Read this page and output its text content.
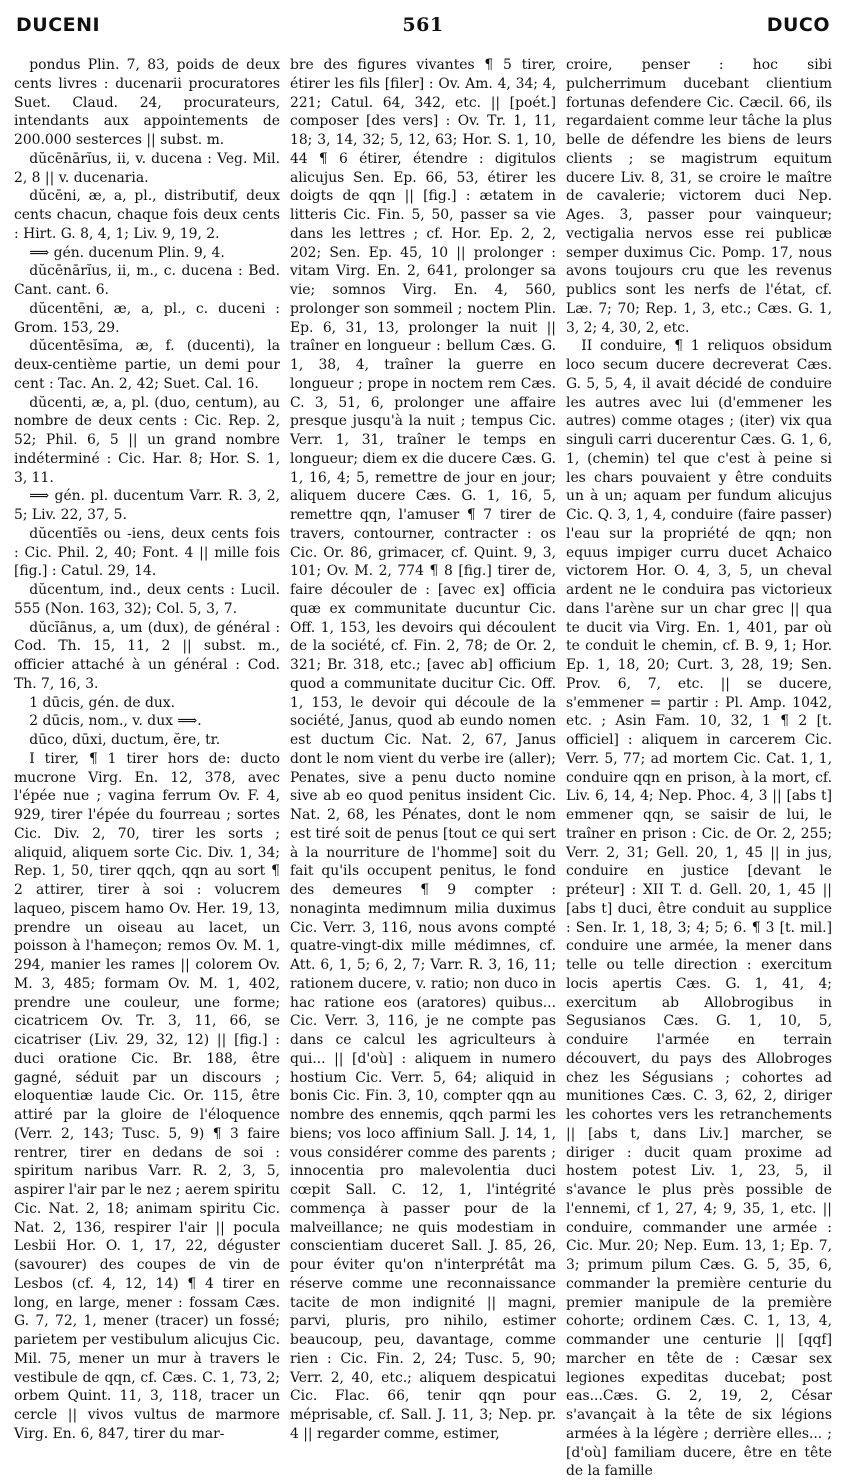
DUCENI	561	DUCO

pondus Plin. 7, 83, poids de deux cents livres : ducenarii procuratores Suet. Claud. 24, procurateurs, intendants aux appointements de 200.000 sesterces || subst. m.

dŭcēnārĭus, ii, v. ducena : Veg. Mil. 2, 8 || v. ducenaria.

dŭcēni, æ, a, pl., distributif, deux cents chacun, chaque fois deux cents : Hirt. G. 8, 4, 1; Liv. 9, 19, 2.

⟹ gén. ducenum Plin. 9, 4.

dŭcēnārĭus, ii, m., c. ducena : Bed. Cant. cant. 6.

dŭcentēni, æ, a, pl., c. duceni : Grom. 153, 29.

dŭcentēsĭma, æ, f. (ducenti), la deux-centième partie, un demi pour cent : Tac. An. 2, 42; Suet. Cal. 16.

dŭcenti, æ, a, pl. (duo, centum), au nombre de deux cents : Cic. Rep. 2, 52; Phil. 6, 5 || un grand nombre indéterminé : Cic. Har. 8; Hor. S. 1, 3, 11.

⟹ gén. pl. ducentum Varr. R. 3, 2, 5; Liv. 22, 37, 5.

dŭcentĭēs ou -iens, deux cents fois : Cic. Phil. 2, 40; Font. 4 || mille fois [fig.] : Catul. 29, 14.

dŭcentum, ind., deux cents : Lucil. 555 (Non. 163, 32); Col. 5, 3, 7.

dŭcĭānus, a, um (dux), de général : Cod. Th. 15, 11, 2 || subst. m., officier attaché à un général : Cod. Th. 7, 16, 3.

1 dūcis, gén. de dux.

2 dūcis, nom., v. dux ⟹.

dūco, dūxi, ductum, ĕre, tr.

I tirer, ¶ 1 tirer hors de: ducto mucrone Virg. En. 12, 378, avec l'épée nue ; vagina ferrum Ov. F. 4, 929, tirer l'épée du fourreau ; sortes Cic. Div. 2, 70, tirer les sorts ; aliquid, aliquem sorte Cic. Div. 1, 34; Rep. 1, 50, tirer qqch, qqn au sort ¶ 2 attirer, tirer à soi : volucrem laqueo, piscem hamo Ov. Her. 19, 13, prendre un oiseau au lacet, un poisson à l'hameçon; remos Ov. M. 1, 294, manier les rames || colorem Ov. M. 3, 485; formam Ov. M. 1, 402, prendre une couleur, une forme; cicatricem Ov. Tr. 3, 11, 66, se cicatriser (Liv. 29, 32, 12) || [fig.] : duci oratione Cic. Br. 188, être gagné, séduit par un discours ; eloquentiæ laude Cic. Or. 115, être attiré par la gloire de l'éloquence (Verr. 2, 143; Tusc. 5, 9) ¶ 3 faire rentrer, tirer en dedans de soi : spiritum naribus Varr. R. 2, 3, 5, aspirer l'air par le nez ; aerem spiritu Cic. Nat. 2, 18; animam spiritu Cic. Nat. 2, 136, respirer l'air || pocula Lesbii Hor. O. 1, 17, 22, déguster (savourer) des coupes de vin de Lesbos (cf. 4, 12, 14) ¶ 4 tirer en long, en large, mener : fossam Cæs. G. 7, 72, 1, mener (tracer) un fossé; parietem per vestibulum alicujus Cic. Mil. 75, mener un mur à travers le vestibule de qqn, cf. Cæs. C. 1, 73, 2; orbem Quint. 11, 3, 118, tracer un cercle || vivos vultus de marmore Virg. En. 6, 847, tirer du mar-

bre des figures vivantes ¶ 5 tirer, étirer les fils [filer] : Ov. Am. 4, 34; 4, 221; Catul. 64, 342, etc. || [poét.] composer [des vers] : Ov. Tr. 1, 11, 18; 3, 14, 32; 5, 12, 63; Hor. S. 1, 10, 44 ¶ 6 étirer, étendre : digitulos alicujus Sen. Ep. 66, 53, étirer les doigts de qqn || [fig.] : ætatem in litteris Cic. Fin. 5, 50, passer sa vie dans les lettres ; cf. Hor. Ep. 2, 2, 202; Sen. Ep. 45, 10 || prolonger : vitam Virg. En. 2, 641, prolonger sa vie; somnos Virg. En. 4, 560, prolonger son sommeil ; noctem Plin. Ep. 6, 31, 13, prolonger la nuit || traîner en longueur : bellum Cæs. G. 1, 38, 4, traîner la guerre en longueur ; prope in noctem rem Cæs. C. 3, 51, 6, prolonger une affaire presque jusqu'à la nuit ; tempus Cic. Verr. 1, 31, traîner le temps en longueur; diem ex die ducere Cæs. G. 1, 16, 4; 5, remettre de jour en jour; aliquem ducere Cæs. G. 1, 16, 5, remettre qqn, l'amuser ¶ 7 tirer de travers, contourner, contracter : os Cic. Or. 86, grimacer, cf. Quint. 9, 3, 101; Ov. M. 2, 774 ¶ 8 [fig.] tirer de, faire découler de : [avec ex] officia quæ ex communitate ducuntur Cic. Off. 1, 153, les devoirs qui découlent de la société, cf. Fin. 2, 78; de Or. 2, 321; Br. 318, etc.; [avec ab] officium quod a communitate ducitur Cic. Off. 1, 153, le devoir qui découle de la société, Janus, quod ab eundo nomen est ductum Cic. Nat. 2, 67, Janus dont le nom vient du verbe ire (aller); Penates, sive a penu ducto nomine sive ab eo quod penitus insident Cic. Nat. 2, 68, les Pénates, dont le nom est tiré soit de penus [tout ce qui sert à la nourriture de l'homme] soit du fait qu'ils occupent penitus, le fond des demeures ¶ 9 compter : nonaginta medimnum milia duximus Cic. Verr. 3, 116, nous avons compté quatre-vingt-dix mille médimnes, cf. Att. 6, 1, 5; 6, 2, 7; Varr. R. 3, 16, 11; rationem ducere, v. ratio; non duco in hac ratione eos (aratores) quibus... Cic. Verr. 3, 116, je ne compte pas dans ce calcul les agriculteurs à qui... || [d'où] : aliquem in numero hostium Cic. Verr. 5, 64; aliquid in bonis Cic. Fin. 3, 10, compter qqn au nombre des ennemis, qqch parmi les biens; vos loco affinium Sall. J. 14, 1, vous considérer comme des parents ; innocentia pro malevolentia duci cœpit Sall. C. 12, 1, l'intégrité commença à passer pour de la malveillance; ne quis modestiam in conscientiam duceret Sall. J. 85, 26, pour éviter qu'on n'interprétât ma réserve comme une reconnaissance tacite de mon indignité || magni, parvi, pluris, pro nihilo, estimer beaucoup, peu, davantage, comme rien : Cic. Fin. 2, 24; Tusc. 5, 90; Verr. 2, 40, etc.; aliquem despicatui Cic. Flac. 66, tenir qqn pour méprisable, cf. Sall. J. 11, 3; Nep. pr. 4 || regarder comme, estimer,

croire, penser : hoc sibi pulcherrimum ducebant clientium fortunas defendere Cic. Cæcil. 66, ils regardaient comme leur tâche la plus belle de défendre les biens de leurs clients ; se magistrum equitum ducere Liv. 8, 31, se croire le maître de cavalerie; victorem duci Nep. Ages. 3, passer pour vainqueur; vectigalia nervos esse rei publicæ semper duximus Cic. Pomp. 17, nous avons toujours cru que les revenus publics sont les nerfs de l'état, cf. Læ. 7; 70; Rep. 1, 3, etc.; Cæs. G. 1, 3, 2; 4, 30, 2, etc.

II conduire, ¶ 1 reliquos obsidum loco secum ducere decreverat Cæs. G. 5, 5, 4, il avait décidé de conduire les autres avec lui (d'emmener les autres) comme otages ; (iter) vix qua singuli carri ducerentur Cæs. G. 1, 6, 1, (chemin) tel que c'est à peine si les chars pouvaient y être conduits un à un; aquam per fundum alicujus Cic. Q. 3, 1, 4, conduire (faire passer) l'eau sur la propriété de qqn; non equus impiger curru ducet Achaico victorem Hor. O. 4, 3, 5, un cheval ardent ne le conduira pas victorieux dans l'arène sur un char grec || qua te ducit via Virg. En. 1, 401, par où te conduit le chemin, cf. B. 9, 1; Hor. Ep. 1, 18, 20; Curt. 3, 28, 19; Sen. Prov. 6, 7, etc. || se ducere, s'emmener = partir : Pl. Amp. 1042, etc. ; Asin Fam. 10, 32, 1 ¶ 2 [t. officiel] : aliquem in carcerem Cic. Verr. 5, 77; ad mortem Cic. Cat. 1, 1, conduire qqn en prison, à la mort, cf. Liv. 6, 14, 4; Nep. Phoc. 4, 3 || [abs t] emmener qqn, se saisir de lui, le traîner en prison : Cic. de Or. 2, 255; Verr. 2, 31; Gell. 20, 1, 45 || in jus, conduire en justice [devant le préteur] : XII T. d. Gell. 20, 1, 45 || [abs t] duci, être conduit au supplice : Sen. Ir. 1, 18, 3; 4; 5; 6. ¶ 3 [t. mil.] conduire une armée, la mener dans telle ou telle direction : exercitum locis apertis Cæs. G. 1, 41, 4; exercitum ab Allobrogibus in Segusianos Cæs. G. 1, 10, 5, conduire l'armée en terrain découvert, du pays des Allobroges chez les Ségusians ; cohortes ad munitiones Cæs. C. 3, 62, 2, diriger les cohortes vers les retranchements || [abs t, dans Liv.] marcher, se diriger : ducit quam proxime ad hostem potest Liv. 1, 23, 5, il s'avance le plus près possible de l'ennemi, cf 1, 27, 4; 9, 35, 1, etc. || conduire, commander une armée : Cic. Mur. 20; Nep. Eum. 13, 1; Ep. 7, 3; primum pilum Cæs. G. 5, 35, 6, commander la première centurie du premier manipule de la première cohorte; ordinem Cæs. C. 1, 13, 4, commander une centurie || [qqf] marcher en tête de : Cæsar sex legiones expeditas ducebat; post eas...Cæs. G. 2, 19, 2, César s'avançait à la tête de six légions armées à la légère ; derrière elles... ; [d'où] familiam ducere, être en tête de la famille
